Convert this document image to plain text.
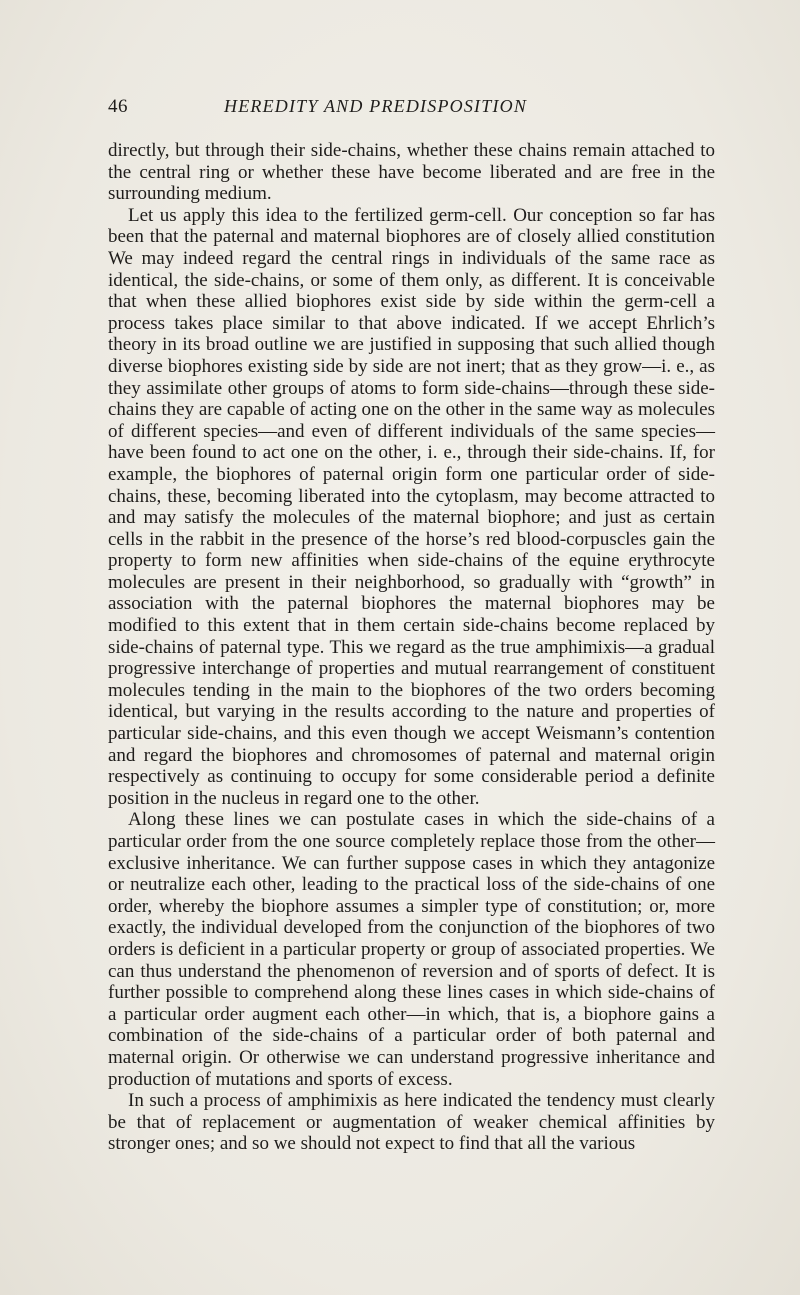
46	HEREDITY AND PREDISPOSITION

directly, but through their side-chains, whether these chains remain attached to the central ring or whether these have become liberated and are free in the surrounding medium.

Let us apply this idea to the fertilized germ-cell. Our conception so far has been that the paternal and maternal biophores are of closely allied constitution We may indeed regard the central rings in individuals of the same race as identical, the side-chains, or some of them only, as different. It is conceivable that when these allied biophores exist side by side within the germ-cell a process takes place similar to that above indicated. If we accept Ehrlich’s theory in its broad outline we are justified in supposing that such allied though diverse biophores existing side by side are not inert; that as they grow—i. e., as they assimilate other groups of atoms to form side-chains—through these side-chains they are capable of acting one on the other in the same way as molecules of different species—and even of different individuals of the same species—have been found to act one on the other, i. e., through their side-chains. If, for example, the biophores of paternal origin form one particular order of side-chains, these, becoming liberated into the cytoplasm, may become attracted to and may satisfy the molecules of the maternal biophore; and just as certain cells in the rabbit in the presence of the horse’s red blood-corpuscles gain the property to form new affinities when side-chains of the equine erythrocyte molecules are present in their neighborhood, so gradually with “growth” in association with the paternal biophores the maternal biophores may be modified to this extent that in them certain side-chains become replaced by side-chains of paternal type. This we regard as the true amphimixis—a gradual progressive interchange of properties and mutual rearrangement of constituent molecules tending in the main to the biophores of the two orders becoming identical, but varying in the results according to the nature and properties of particular side-chains, and this even though we accept Weismann’s contention and regard the biophores and chromosomes of paternal and maternal origin respectively as continuing to occupy for some considerable period a definite position in the nucleus in regard one to the other.

Along these lines we can postulate cases in which the side-chains of a particular order from the one source completely replace those from the other—exclusive inheritance. We can further suppose cases in which they antagonize or neutralize each other, leading to the practical loss of the side-chains of one order, whereby the biophore assumes a simpler type of constitution; or, more exactly, the individual developed from the conjunction of the biophores of two orders is deficient in a particular property or group of associated properties. We can thus understand the phenomenon of reversion and of sports of defect. It is further possible to comprehend along these lines cases in which side-chains of a particular order augment each other—in which, that is, a biophore gains a combination of the side-chains of a particular order of both paternal and maternal origin. Or otherwise we can understand progressive inheritance and production of mutations and sports of excess.

In such a process of amphimixis as here indicated the tendency must clearly be that of replacement or augmentation of weaker chemical affinities by stronger ones; and so we should not expect to find that all the various
